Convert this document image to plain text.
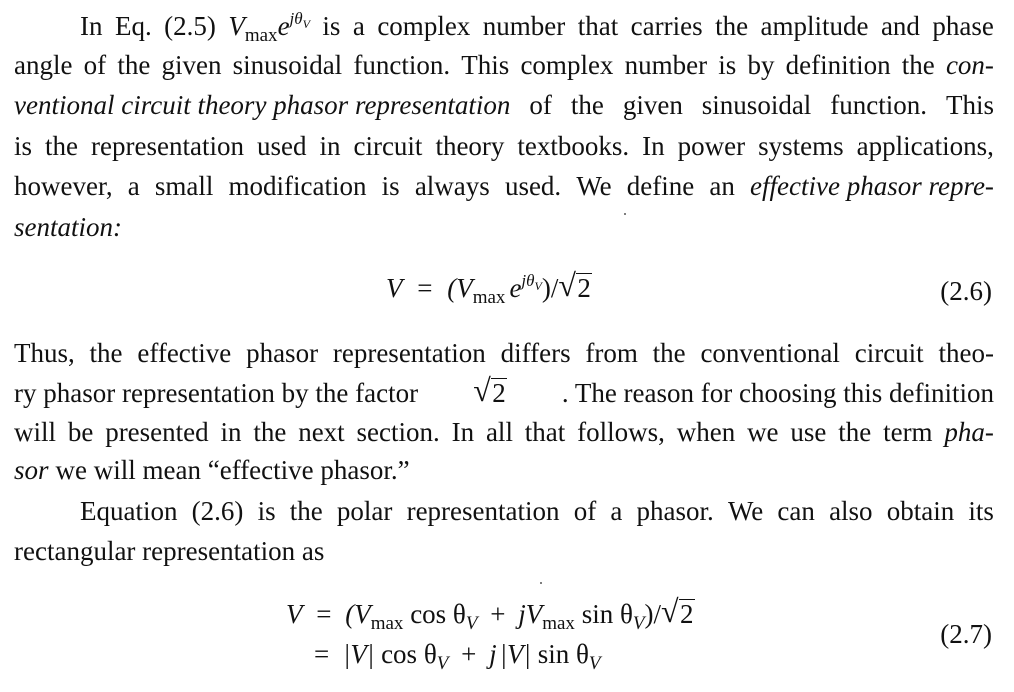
In Eq. (2.5) $V_{max}e^{j\theta_V}$ is a complex number that carries the amplitude and phase
angle of the given sinusoidal function. This complex number is by definition the con-
ventional circuit theory phasor representation of the given sinusoidal function. This
is the representation used in circuit theory textbooks. In power systems applications,
however, a small modification is always used. We define an effective phasor repre-
sentation:
$V = (V_{max}$ $e^{j\theta_V})/$ √ 2	(2.6)
Thus, the effective phasor representation differs from the conventional circuit theo-
ry phasor representation by the factor √ 2 . The reason for choosing this definition
will be presented in the next section. In all that follows, when we use the term pha-
sor we will mean “effective phasor.”
Equation (2.6) is the polar representation of a phasor. We can also obtain its
rectangular representation as
$V = (V_{max}$ $\cos \theta_V + jV_{max}$ $\sin \theta_V)/$ √ 2
= |V| $\cos \theta_V + j$ |V| $\sin \theta_V$
(2.7)
